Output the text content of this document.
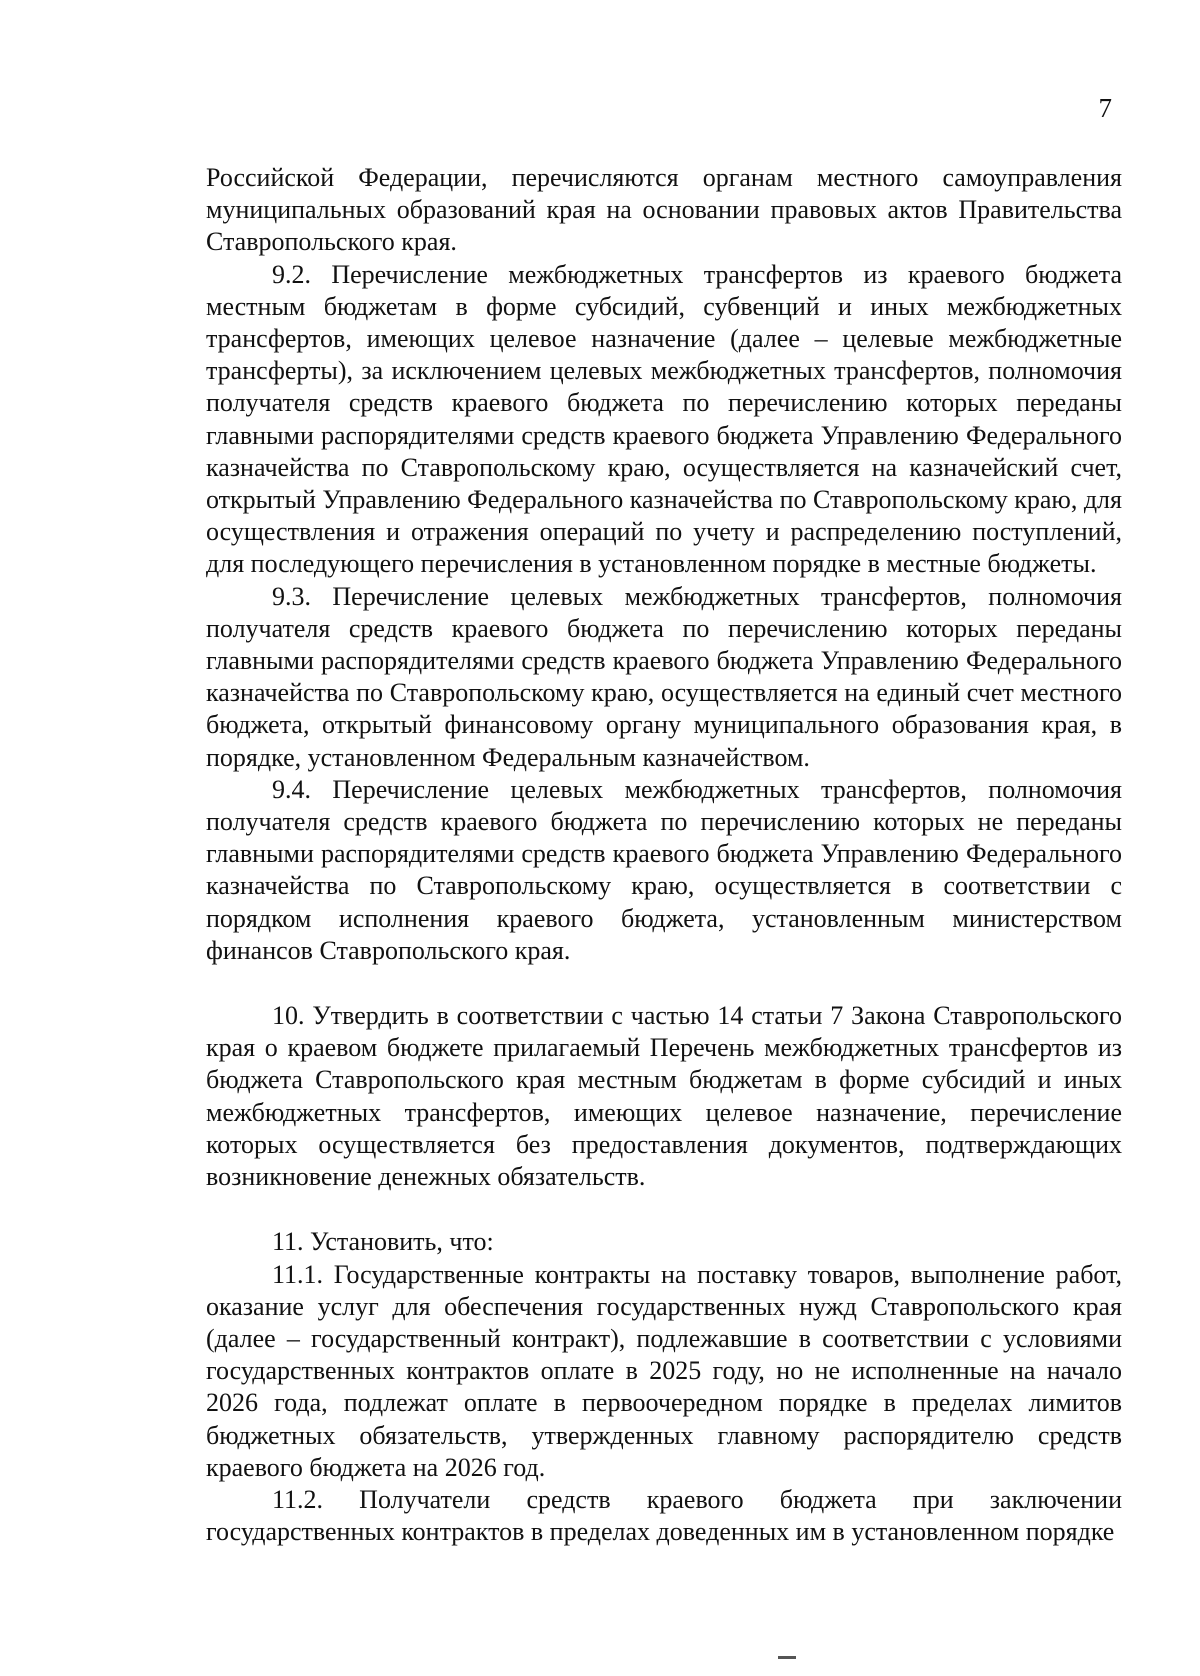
7

Российской Федерации, перечисляются органам местного самоуправления муниципальных образований края на основании правовых актов Правительства Ставропольского края.

9.2. Перечисление межбюджетных трансфертов из краевого бюджета местным бюджетам в форме субсидий, субвенций и иных межбюджетных трансфертов, имеющих целевое назначение (далее – целевые межбюджетные трансферты), за исключением целевых межбюджетных трансфертов, полномочия получателя средств краевого бюджета по перечислению которых переданы главными распорядителями средств краевого бюджета Управлению Федерального казначейства по Ставропольскому краю, осуществляется на казначейский счет, открытый Управлению Федерального казначейства по Ставропольскому краю, для осуществления и отражения операций по учету и распределению поступлений, для последующего перечисления в установленном порядке в местные бюджеты.

9.3. Перечисление целевых межбюджетных трансфертов, полномочия получателя средств краевого бюджета по перечислению которых переданы главными распорядителями средств краевого бюджета Управлению Федерального казначейства по Ставропольскому краю, осуществляется на единый счет местного бюджета, открытый финансовому органу муниципального образования края, в порядке, установленном Федеральным казначейством.

9.4. Перечисление целевых межбюджетных трансфертов, полномочия получателя средств краевого бюджета по перечислению которых не переданы главными распорядителями средств краевого бюджета Управлению Федерального казначейства по Ставропольскому краю, осуществляется в соответствии с порядком исполнения краевого бюджета, установленным министерством финансов Ставропольского края.

10. Утвердить в соответствии с частью 14 статьи 7 Закона Ставропольского края о краевом бюджете прилагаемый Перечень межбюджетных трансфертов из бюджета Ставропольского края местным бюджетам в форме субсидий и иных межбюджетных трансфертов, имеющих целевое назначение, перечисление которых осуществляется без предоставления документов, подтверждающих возникновение денежных обязательств.

11. Установить, что:

11.1. Государственные контракты на поставку товаров, выполнение работ, оказание услуг для обеспечения государственных нужд Ставропольского края (далее – государственный контракт), подлежавшие в соответствии с условиями государственных контрактов оплате в 2025 году, но не исполненные на начало 2026 года, подлежат оплате в первоочередном порядке в пределах лимитов бюджетных обязательств, утвержденных главному распорядителю средств краевого бюджета на 2026 год.

11.2. Получатели средств краевого бюджета при заключении государственных контрактов в пределах доведенных им в установленном порядке
